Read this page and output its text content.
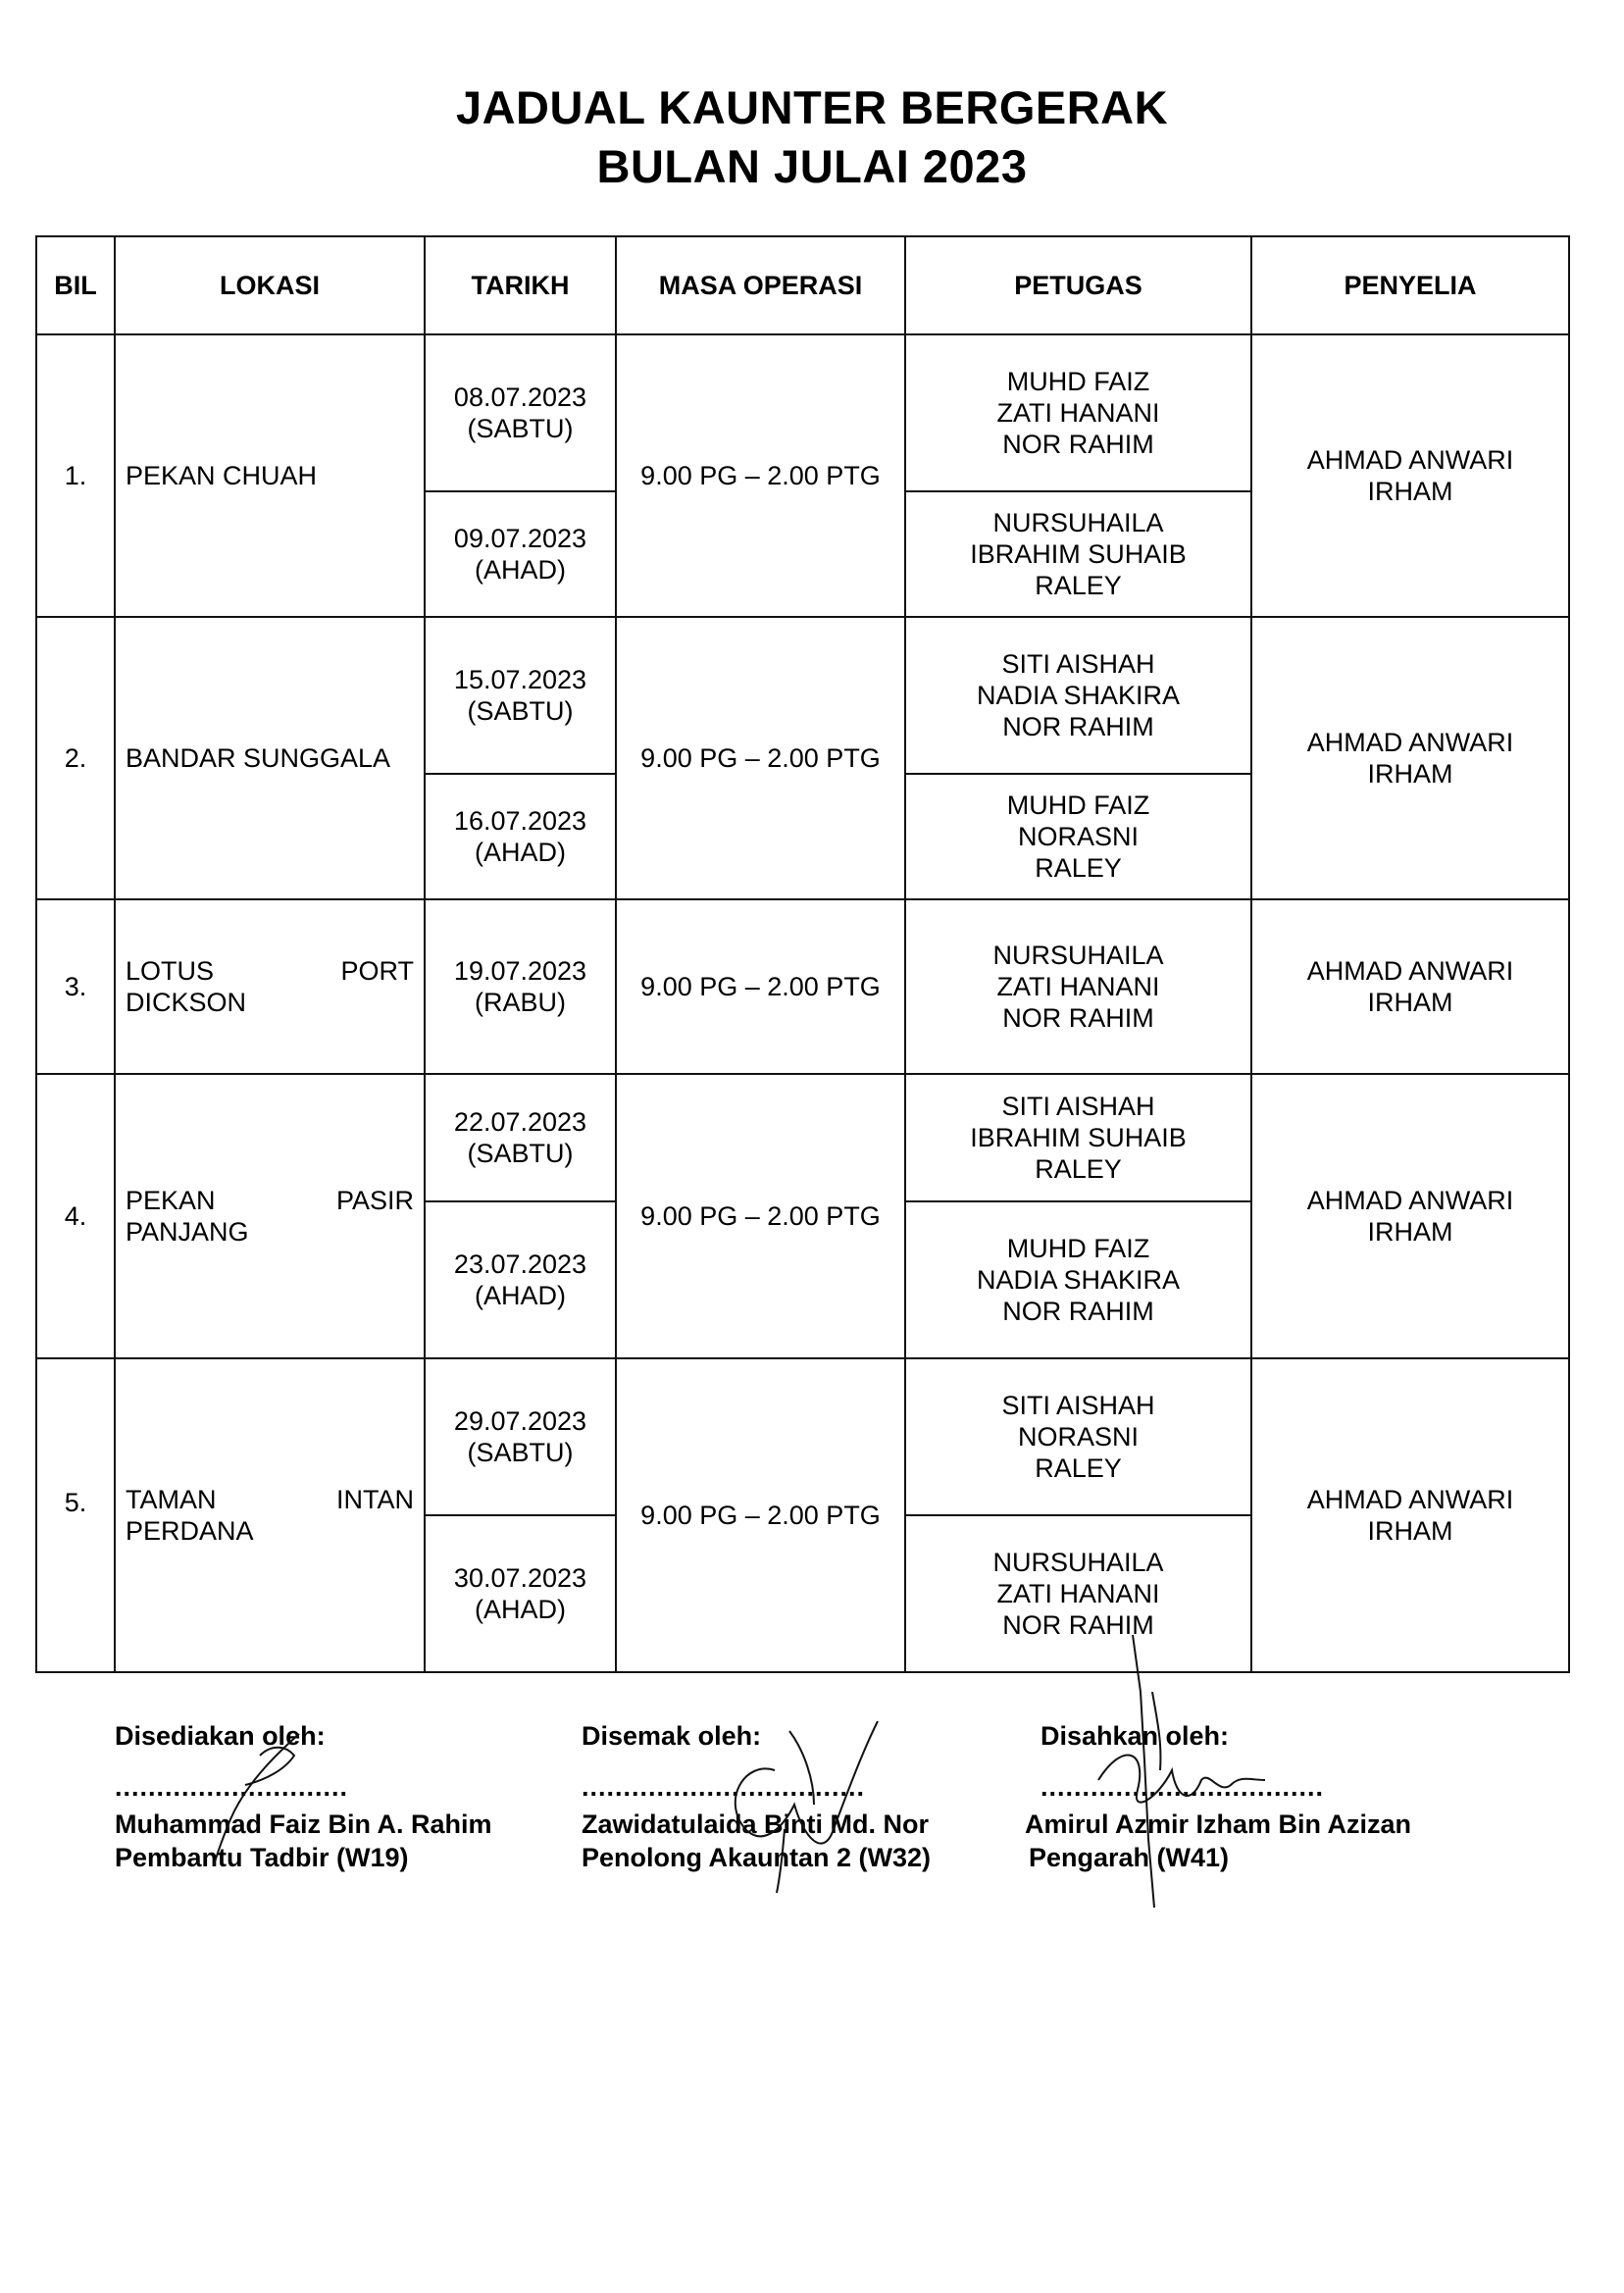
JADUAL KAUNTER BERGERAK
BULAN JULAI 2023
BIL	LOKASI	TARIKH	MASA OPERASI	PETUGAS	PENYELIA
1.	PEKAN CHUAH	08.07.2023
(SABTU)	9.00 PG – 2.00 PTG	MUHD FAIZ
ZATI HANANI
NOR RAHIM	AHMAD ANWARI
IRHAM

		09.07.2023
(AHAD)		NURSUHAILA
IBRAHIM SUHAIB
RALEY	

2.	BANDAR SUNGGALA	15.07.2023
(SABTU)	9.00 PG – 2.00 PTG	SITI AISHAH
NADIA SHAKIRA
NOR RAHIM	AHMAD ANWARI
IRHAM

		16.07.2023
(AHAD)		MUHD FAIZ
NORASNI
RALEY	

3.	LOTUS PORT DICKSON	19.07.2023
(RABU)	9.00 PG – 2.00 PTG	NURSUHAILA
ZATI HANANI
NOR RAHIM	AHMAD ANWARI
IRHAM

4.	PEKAN PASIR PANJANG	22.07.2023
(SABTU)	9.00 PG – 2.00 PTG	SITI AISHAH
IBRAHIM SUHAIB
RALEY	AHMAD ANWARI
IRHAM

		23.07.2023
(AHAD)		MUHD FAIZ
NADIA SHAKIRA
NOR RAHIM	

5.	TAMAN INTAN PERDANA	29.07.2023
(SABTU)	9.00 PG – 2.00 PTG	SITI AISHAH
NORASNI
RALEY	AHMAD ANWARI
IRHAM

		30.07.2023
(AHAD)		NURSUHAILA
ZATI HANANI
NOR RAHIM	
Disediakan oleh:
............................
Muhammad Faiz Bin A. Rahim
Pembantu Tadbir (W19)
Disemak oleh:
..................................
Zawidatulaida Binti Md. Nor
Penolong Akauntan 2 (W32)
Disahkan oleh:
..................................
Amirul Azmir Izham Bin Azizan
Pengarah (W41)
